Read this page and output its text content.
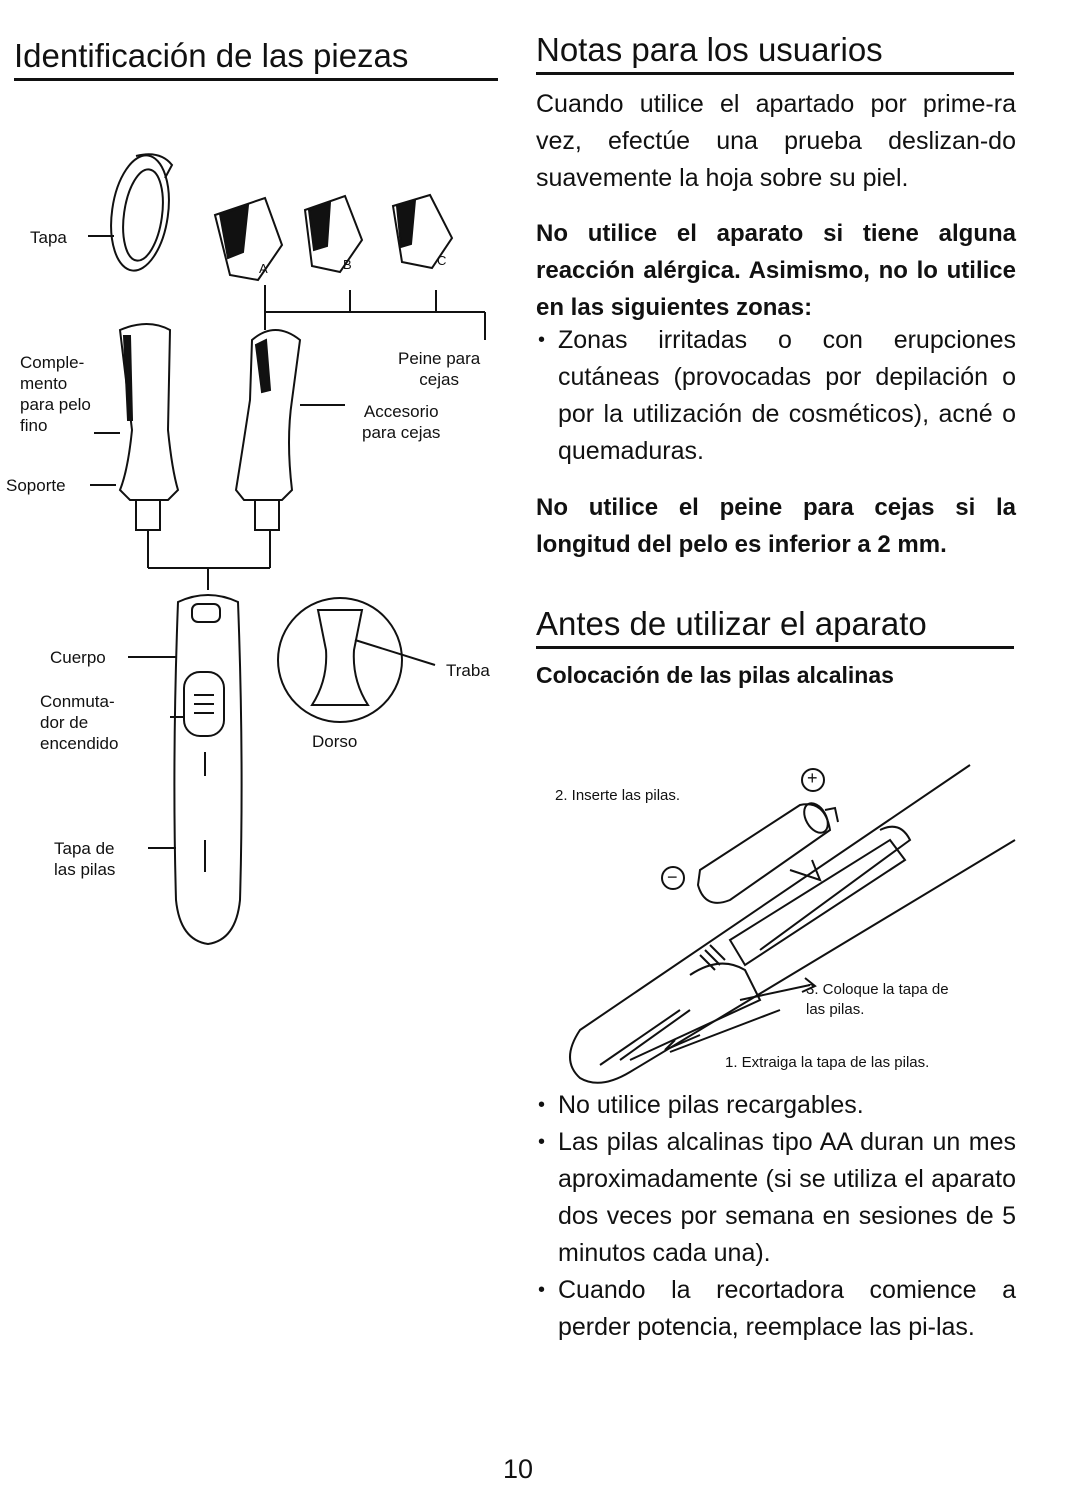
Identificación de las piezas
A	B	C
Tapa
Comple-
mento
para pelo
fino
Soporte
Peine para
cejas
Accesorio
para cejas
Cuerpo
Conmuta-
dor de
encendido
Tapa de
las pilas
Traba
Dorso
Notas para los usuarios

Cuando utilice el apartado por prime-ra vez, efectúe una prueba deslizan-do suavemente la hoja sobre su piel.

No utilice el aparato si tiene alguna reacción alérgica. Asimismo, no lo utilice en las siguientes zonas:

• Zonas irritadas o con erupciones cutáneas (provocadas por depilación o por la utilización de cosméticos), acné o quemaduras.

No utilice el peine para cejas si la longitud del pelo es inferior a 2 mm.

Antes de utilizar el aparato

Colocación de las pilas alcalinas

+
−
2. Inserte las pilas.
3. Coloque la tapa de
las pilas.
1. Extraiga la tapa de las pilas.
• No utilice pilas recargables.
• Las pilas alcalinas tipo AA duran un mes aproximadamente (si se utiliza el aparato dos veces por semana en sesiones de 5 minutos cada una).
• Cuando la recortadora comience a perder potencia, reemplace las pi-las.
10
